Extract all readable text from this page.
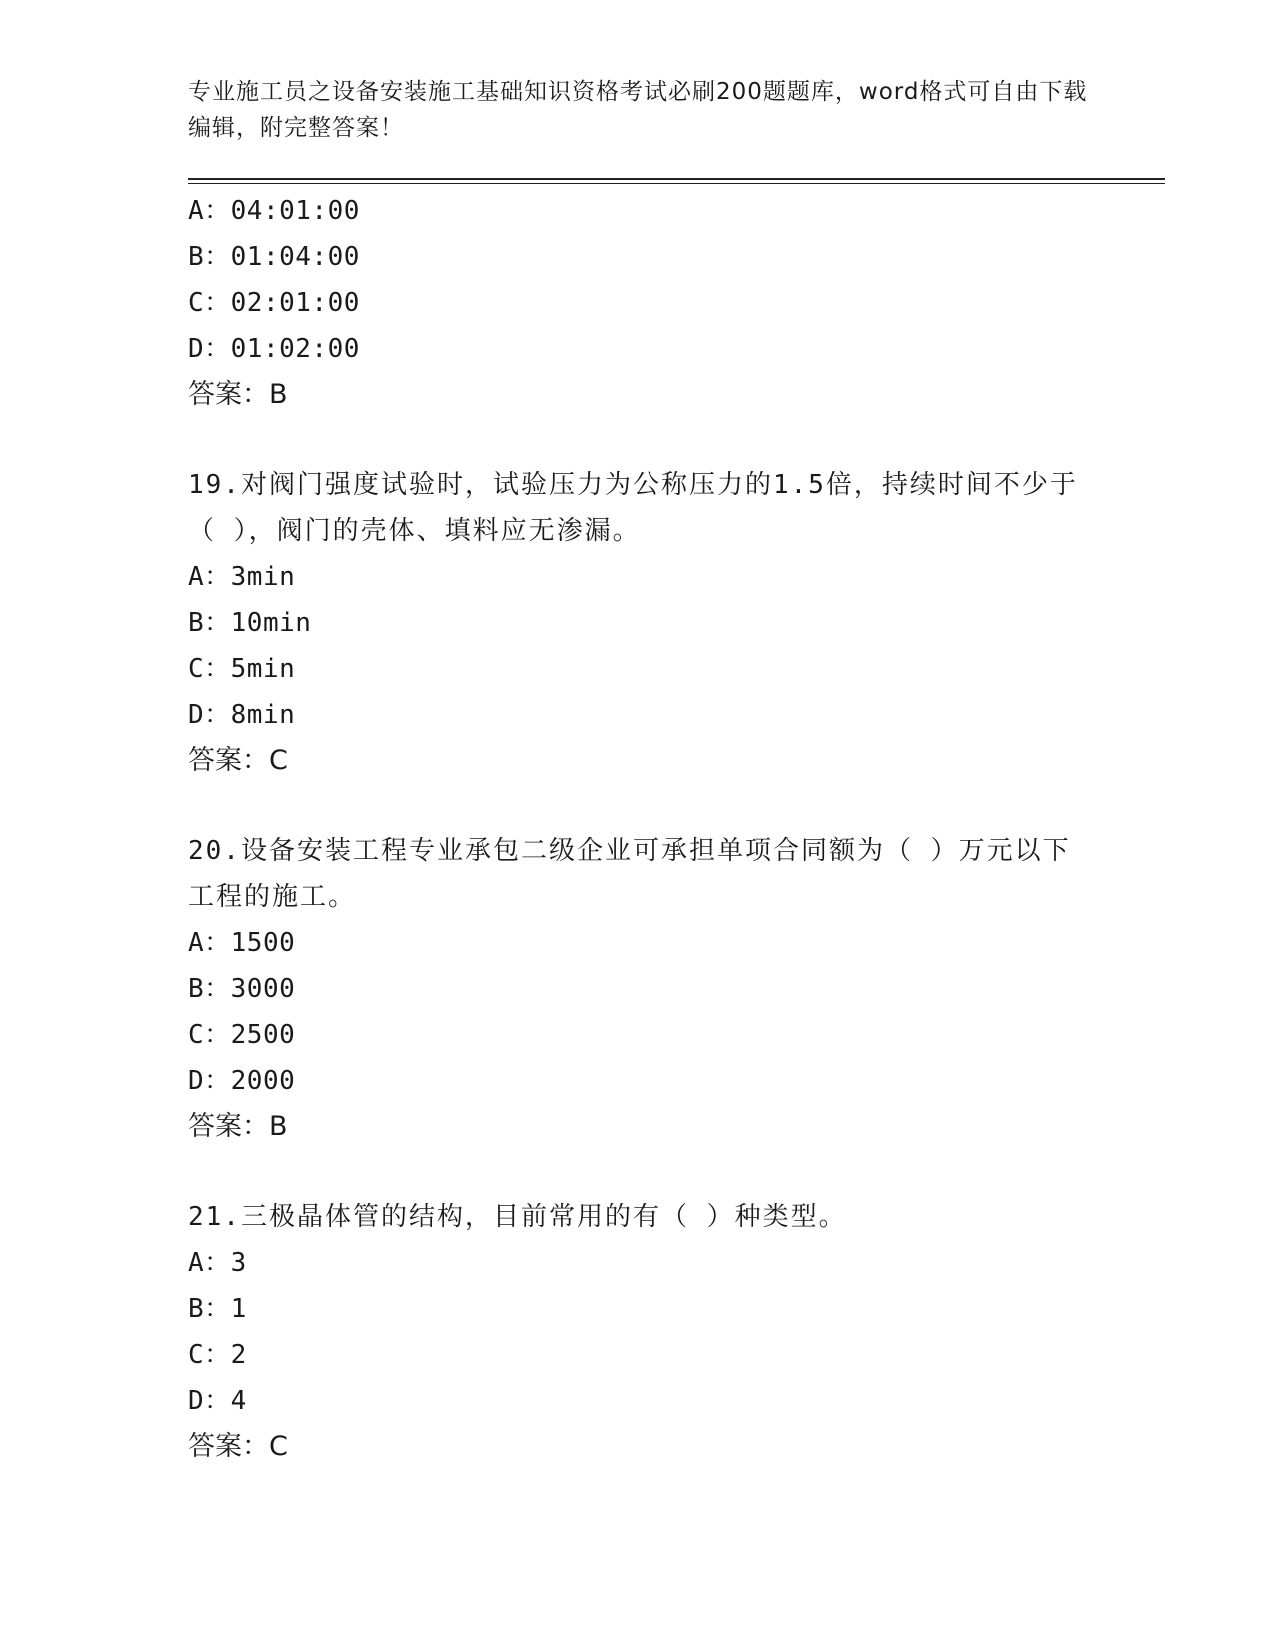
专业施工员之设备安装施工基础知识资格考试必刷200题题库，word格式可自由下载编辑，附完整答案！
A：04:01:00
B：01:04:00
C：02:01:00
D：01:02:00
答案：B
19.对阀门强度试验时，试验压力为公称压力的1.5倍，持续时间不少于（ ），阀门的壳体、填料应无渗漏。
A：3min
B：10min
C：5min
D：8min
答案：C
20.设备安装工程专业承包二级企业可承担单项合同额为（ ）万元以下工程的施工。
A：1500
B：3000
C：2500
D：2000
答案：B
21.三极晶体管的结构，目前常用的有（ ）种类型。
A：3
B：1
C：2
D：4
答案：C
